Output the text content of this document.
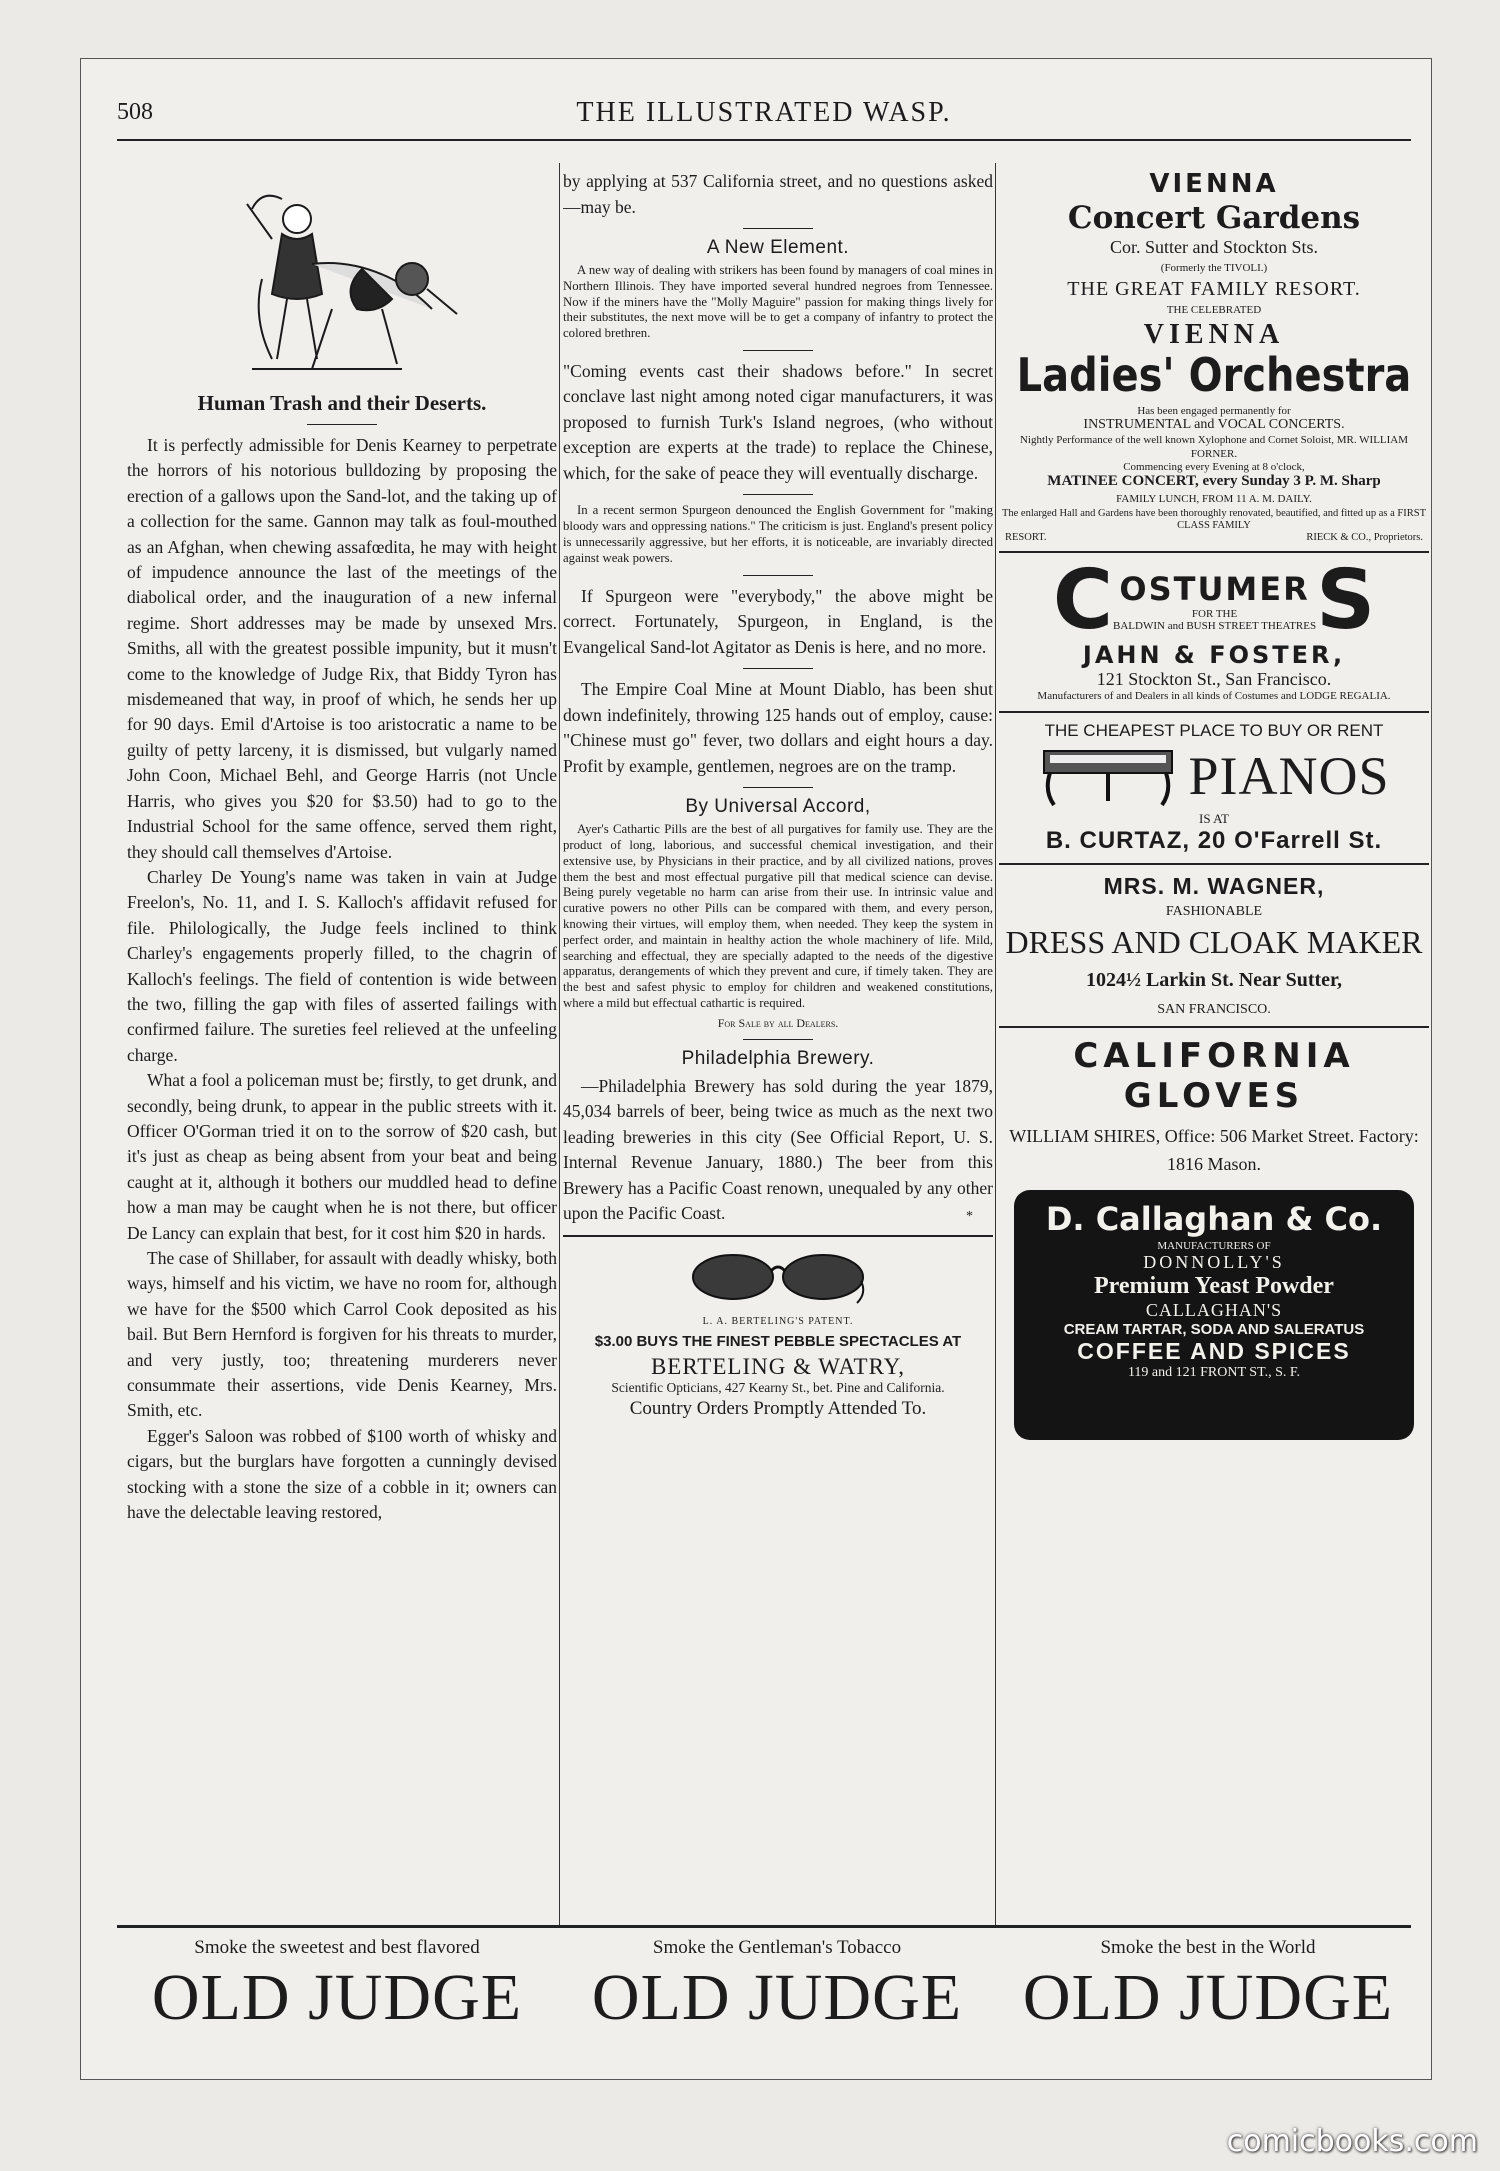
508	THE ILLUSTRATED WASP.
Human Trash and their Deserts.

It is perfectly admissible for Denis Kearney to perpetrate the horrors of his notorious bulldozing by proposing the erection of a gallows upon the Sand-lot, and the taking up of a collection for the same. Gannon may talk as foul-mouthed as an Afghan, when chewing assafœdita, he may with height of impudence announce the last of the meetings of the diabolical order, and the inauguration of a new infernal regime. Short addresses may be made by unsexed Mrs. Smiths, all with the greatest possible impunity, but it musn't come to the knowledge of Judge Rix, that Biddy Tyron has misdemeaned that way, in proof of which, he sends her up for 90 days. Emil d'Artoise is too aristocratic a name to be guilty of petty larceny, it is dismissed, but vulgarly named John Coon, Michael Behl, and George Harris (not Uncle Harris, who gives you $20 for $3.50) had to go to the Industrial School for the same offence, served them right, they should call themselves d'Artoise.

Charley De Young's name was taken in vain at Judge Freelon's, No. 11, and I. S. Kalloch's affidavit refused for file. Philologically, the Judge feels inclined to think Charley's engagements properly filled, to the chagrin of Kalloch's feelings. The field of contention is wide between the two, filling the gap with files of asserted failings with confirmed failure. The sureties feel relieved at the unfeeling charge.

What a fool a policeman must be; firstly, to get drunk, and secondly, being drunk, to appear in the public streets with it. Officer O'Gorman tried it on to the sorrow of $20 cash, but it's just as cheap as being absent from your beat and being caught at it, although it bothers our muddled head to define how a man may be caught when he is not there, but officer De Lancy can explain that best, for it cost him $20 in hards.

The case of Shillaber, for assault with deadly whisky, both ways, himself and his victim, we have no room for, although we have for the $500 which Carrol Cook deposited as his bail. But Bern Hernford is forgiven for his threats to murder, and very justly, too; threatening murderers never consummate their assertions, vide Denis Kearney, Mrs. Smith, etc.

Egger's Saloon was robbed of $100 worth of whisky and cigars, but the burglars have forgotten a cunningly devised stocking with a stone the size of a cobble in it; owners can have the delectable leaving restored,

by applying at 537 California street, and no questions asked—may be.

A New Element.

A new way of dealing with strikers has been found by managers of coal mines in Northern Illinois. They have imported several hundred negroes from Tennessee. Now if the miners have the "Molly Maguire" passion for making things lively for their substitutes, the next move will be to get a company of infantry to protect the colored brethren.

"Coming events cast their shadows before." In secret conclave last night among noted cigar manufacturers, it was proposed to furnish Turk's Island negroes, (who without exception are experts at the trade) to replace the Chinese, which, for the sake of peace they will eventually discharge.

In a recent sermon Spurgeon denounced the English Government for "making bloody wars and oppressing nations." The criticism is just. England's present policy is unnecessarily aggressive, but her efforts, it is noticeable, are invariably directed against weak powers.

If Spurgeon were "everybody," the above might be correct. Fortunately, Spurgeon, in England, is the Evangelical Sand-lot Agitator as Denis is here, and no more.

The Empire Coal Mine at Mount Diablo, has been shut down indefinitely, throwing 125 hands out of employ, cause: "Chinese must go" fever, two dollars and eight hours a day. Profit by example, gentlemen, negroes are on the tramp.

By Universal Accord,

Ayer's Cathartic Pills are the best of all purgatives for family use. They are the product of long, laborious, and successful chemical investigation, and their extensive use, by Physicians in their practice, and by all civilized nations, proves them the best and most effectual purgative pill that medical science can devise. Being purely vegetable no harm can arise from their use. In intrinsic value and curative powers no other Pills can be compared with them, and every person, knowing their virtues, will employ them, when needed. They keep the system in perfect order, and maintain in healthy action the whole machinery of life. Mild, searching and effectual, they are specially adapted to the needs of the digestive apparatus, derangements of which they prevent and cure, if timely taken. They are the best and safest physic to employ for children and weakened constitutions, where a mild but effectual cathartic is required.

For Sale by all Dealers.
Philadelphia Brewery.

—Philadelphia Brewery has sold during the year 1879, 45,034 barrels of beer, being twice as much as the next two leading breweries in this city (See Official Report, U. S. Internal Revenue January, 1880.) The beer from this Brewery has a Pacific Coast renown, unequaled by any other upon the Pacific Coast.	*
L. A. BERTELING'S PATENT.
$3.00 BUYS THE FINEST PEBBLE SPECTACLES AT
BERTELING & WATRY,
Scientific Opticians, 427 Kearny St., bet. Pine and California.
Country Orders Promptly Attended To.
VIENNA
Concert Gardens
Cor. Sutter and Stockton Sts.
(Formerly the TIVOLI.)
THE GREAT FAMILY RESORT.
THE CELEBRATED
VIENNA
Ladies' Orchestra
Has been engaged permanently for
INSTRUMENTAL and VOCAL CONCERTS.
Nightly Performance of the well known Xylophone and Cornet Soloist, MR. WILLIAM FORNER.
Commencing every Evening at 8 o'clock,
MATINEE CONCERT, every Sunday 3 P. M. Sharp
FAMILY LUNCH, FROM 11 A. M. DAILY.
The enlarged Hall and Gardens have been thoroughly renovated, beautified, and fitted up as a FIRST CLASS FAMILY
RESORT.	RIECK & CO., Proprietors.
C OSTUMER
FOR THE
BALDWIN and BUSH STREET THEATRES S
JAHN & FOSTER,
121 Stockton St., San Francisco.
Manufacturers of and Dealers in all kinds of Costumes and LODGE REGALIA.
THE CHEAPEST PLACE TO BUY OR RENT
PIANOS
IS AT
B. CURTAZ, 20 O'Farrell St.
MRS. M. WAGNER,
FASHIONABLE
DRESS AND CLOAK MAKER
1024½ Larkin St. Near Sutter,
SAN FRANCISCO.
CALIFORNIA
GLOVES
WILLIAM SHIRES, Office: 506 Market Street. Factory: 1816 Mason.
D. Callaghan & Co.
MANUFACTURERS OF
DONNOLLY'S
Premium Yeast Powder
CALLAGHAN'S
CREAM TARTAR, SODA AND SALERATUS
COFFEE AND SPICES
119 and 121 FRONT ST., S. F.
Smoke the sweetest and best flavored
OLD JUDGE
Smoke the Gentleman's Tobacco
OLD JUDGE
Smoke the best in the World
OLD JUDGE
comicbooks.com
